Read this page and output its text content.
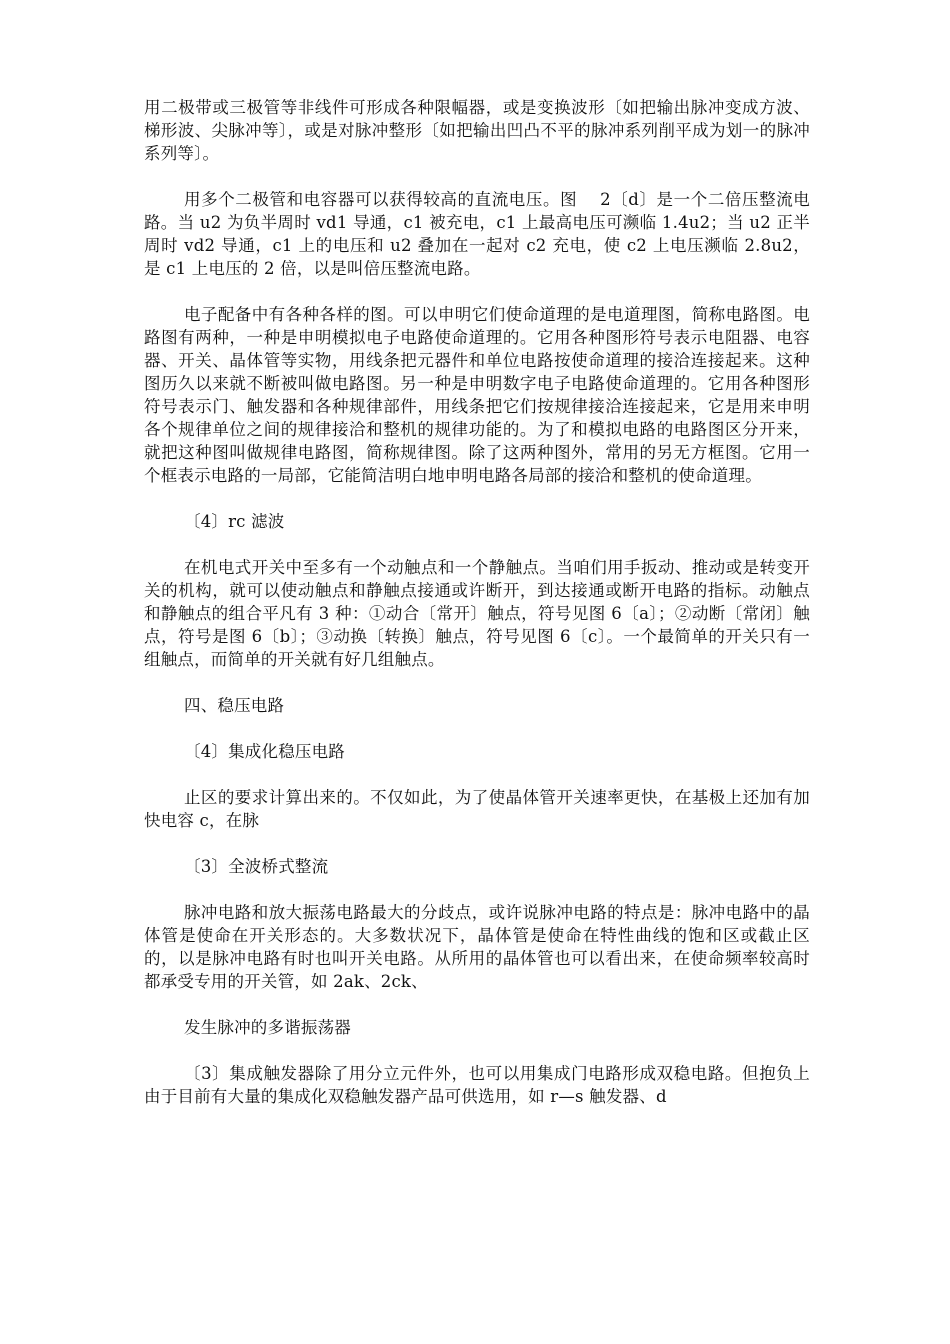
用二极带或三极管等非线件可形成各种限幅器，或是变换波形〔如把输出脉冲变成方波、梯形波、尖脉冲等〕，或是对脉冲整形〔如把输出凹凸不平的脉冲系列削平成为划一的脉冲系列等〕。

用多个二极管和电容器可以获得较高的直流电压。图　 2〔d〕是一个二倍压整流电路。当 u2 为负半周时 vd1 导通，c1 被充电，c1 上最高电压可濒临 1.4u2；当 u2 正半周时 vd2 导通，c1 上的电压和 u2 叠加在一起对 c2 充电，使 c2 上电压濒临 2.8u2，是 c1 上电压的 2 倍，以是叫倍压整流电路。

电子配备中有各种各样的图。可以申明它们使命道理的是电道理图，简称电路图。电路图有两种，一种是申明模拟电子电路使命道理的。它用各种图形符号表示电阻器、电容器、开关、晶体管等实物，用线条把元器件和单位电路按使命道理的接洽连接起来。这种图历久以来就不断被叫做电路图。另一种是申明数字电子电路使命道理的。它用各种图形符号表示门、触发器和各种规律部件，用线条把它们按规律接洽连接起来，它是用来申明各个规律单位之间的规律接洽和整机的规律功能的。为了和模拟电路的电路图区分开来，就把这种图叫做规律电路图，简称规律图。除了这两种图外，常用的另无方框图。它用一个框表示电路的一局部，它能简洁明白地申明电路各局部的接洽和整机的使命道理。

〔4〕rc 滤波

在机电式开关中至多有一个动触点和一个静触点。当咱们用手扳动、推动或是转变开关的机构，就可以使动触点和静触点接通或许断开，到达接通或断开电路的指标。动触点和静触点的组合平凡有 3 种：①动合〔常开〕触点，符号见图 6〔a〕；②动断〔常闭〕触点，符号是图 6〔b〕；③动换〔转换〕触点，符号见图 6〔c〕。一个最简单的开关只有一组触点，而简单的开关就有好几组触点。

四、稳压电路

〔4〕集成化稳压电路

止区的要求计算出来的。不仅如此，为了使晶体管开关速率更快，在基极上还加有加快电容 c，在脉

〔3〕全波桥式整流

脉冲电路和放大振荡电路最大的分歧点，或许说脉冲电路的特点是：脉冲电路中的晶体管是使命在开关形态的。大多数状况下，晶体管是使命在特性曲线的饱和区或截止区的，以是脉冲电路有时也叫开关电路。从所用的晶体管也可以看出来，在使命频率较高时都承受专用的开关管，如 2ak、2ck、

发生脉冲的多谐振荡器

〔3〕集成触发器除了用分立元件外，也可以用集成门电路形成双稳电路。但抱负上由于目前有大量的集成化双稳触发器产品可供选用，如 r—s 触发器、d
